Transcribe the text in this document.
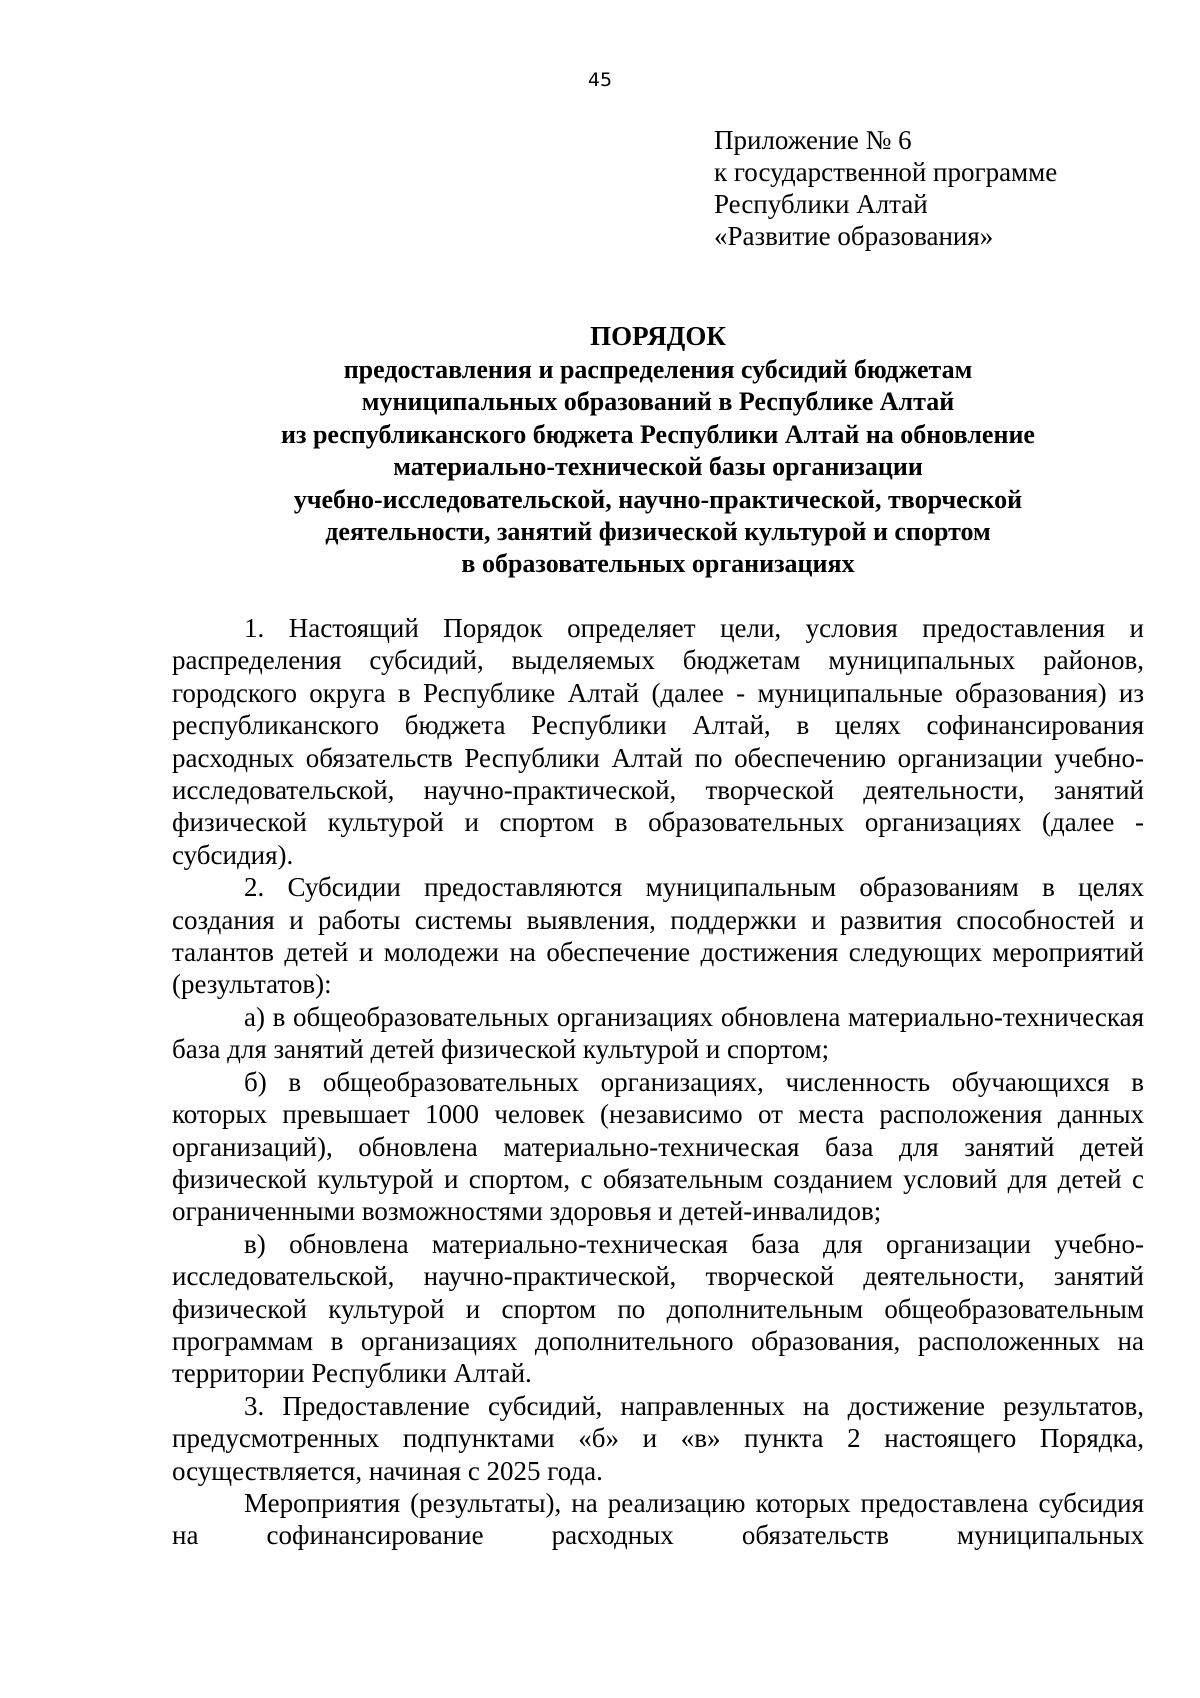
45
Приложение № 6
к государственной программе
Республики Алтай
«Развитие образования»
ПОРЯДОК
предоставления и распределения субсидий бюджетам
муниципальных образований в Республике Алтай
из республиканского бюджета Республики Алтай на обновление
материально-технической базы организации
учебно-исследовательской, научно-практической, творческой
деятельности, занятий физической культурой и спортом
в образовательных организациях

1. Настоящий Порядок определяет цели, условия предоставления и распределения субсидий, выделяемых бюджетам муниципальных районов, городского округа в Республике Алтай (далее - муниципальные образования) из республиканского бюджета Республики Алтай, в целях софинансирования расходных обязательств Республики Алтай по обеспечению организации учебно-исследовательской, научно-практической, творческой деятельности, занятий физической культурой и спортом в образовательных организациях (далее - субсидия).

2. Субсидии предоставляются муниципальным образованиям в целях создания и работы системы выявления, поддержки и развития способностей и талантов детей и молодежи на обеспечение достижения следующих мероприятий (результатов):

а) в общеобразовательных организациях обновлена материально-техническая база для занятий детей физической культурой и спортом;

б) в общеобразовательных организациях, численность обучающихся в которых превышает 1000 человек (независимо от места расположения данных организаций), обновлена материально-техническая база для занятий детей физической культурой и спортом, с обязательным созданием условий для детей с ограниченными возможностями здоровья и детей-инвалидов;

в) обновлена материально-техническая база для организации учебно-исследовательской, научно-практической, творческой деятельности, занятий физической культурой и спортом по дополнительным общеобразовательным программам в организациях дополнительного образования, расположенных на территории Республики Алтай.

3. Предоставление субсидий, направленных на достижение результатов, предусмотренных подпунктами «б» и «в» пункта 2 настоящего Порядка, осуществляется, начиная с 2025 года.

Мероприятия (результаты), на реализацию которых предоставлена субсидия на софинансирование расходных обязательств муниципальных
